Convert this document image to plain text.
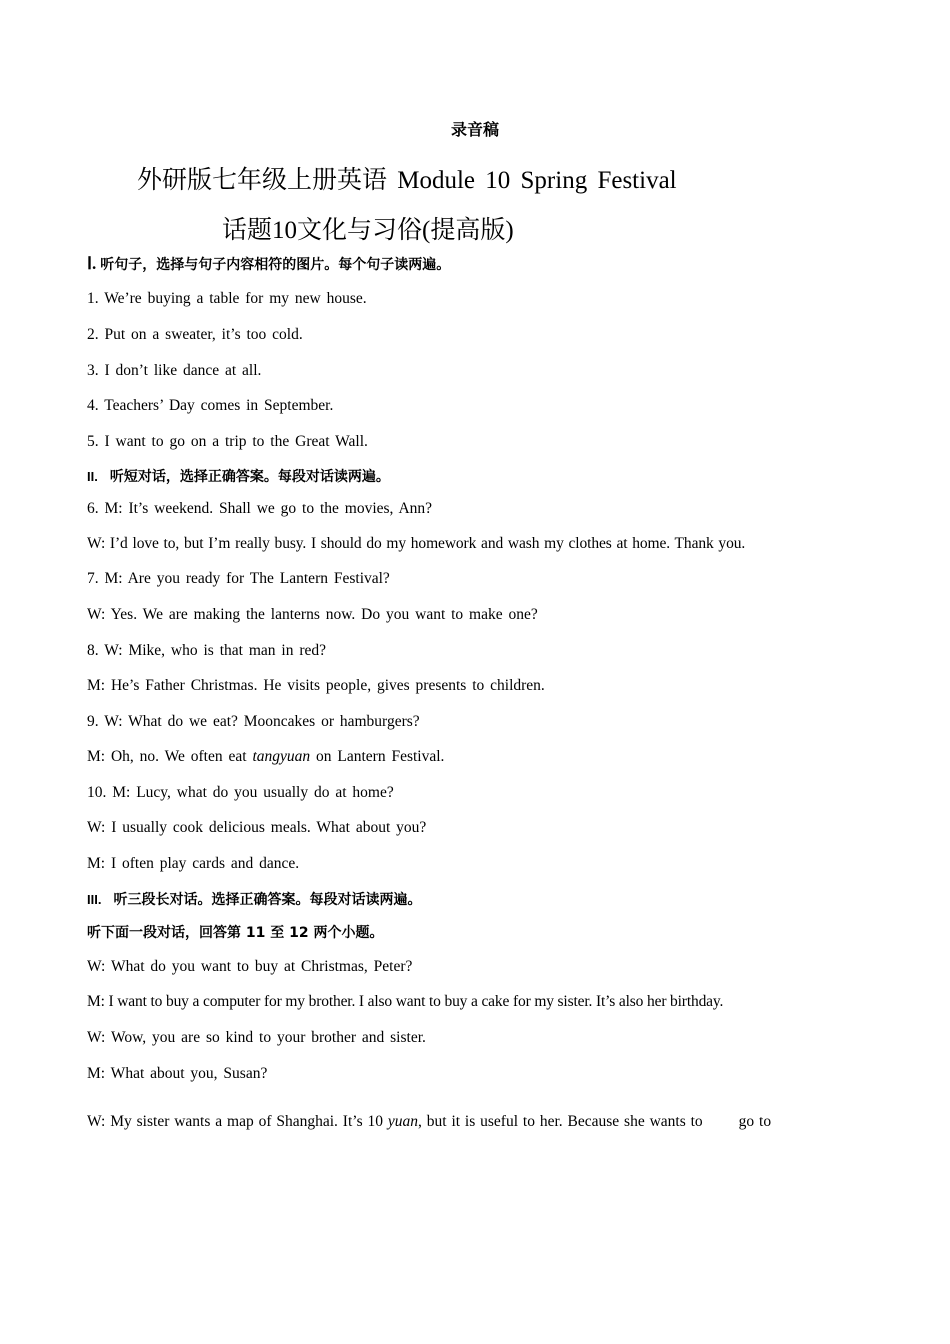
录音稿
外研版七年级上册英语 Module 10 Spring Festival
话题10文化与习俗(提高版)
Ⅰ. 听句子，选择与句子内容相符的图片。每个句子读两遍。
1. We’re buying a table for my new house.
2. Put on a sweater, it’s too cold.
3. I don’t like dance at all.
4. Teachers’ Day comes in September.
5. I want to go on a trip to the Great Wall.
II. 听短对话，选择正确答案。每段对话读两遍。
6. M: It’s weekend. Shall we go to the movies, Ann?
W: I’d love to, but I’m really busy. I should do my homework and wash my clothes at home. Thank you.
7. M: Are you ready for The Lantern Festival?
W: Yes. We are making the lanterns now. Do you want to make one?
8. W: Mike, who is that man in red?
M: He’s Father Christmas. He visits people, gives presents to children.
9. W: What do we eat? Mooncakes or hamburgers?
M: Oh, no. We often eat tangyuan on Lantern Festival.
10. M: Lucy, what do you usually do at home?
W: I usually cook delicious meals. What about you?
M: I often play cards and dance.
III. 听三段长对话。选择正确答案。每段对话读两遍。
听下面一段对话，回答第 11 至 12 两个小题。
W: What do you want to buy at Christmas, Peter?
M: I want to buy a computer for my brother. I also want to buy a cake for my sister. It’s also her birthday.
W: Wow, you are so kind to your brother and sister.
M: What about you, Susan?
W: My sister wants a map of Shanghai. It’s 10 yuan, but it is useful to her. Because she wants to go to
